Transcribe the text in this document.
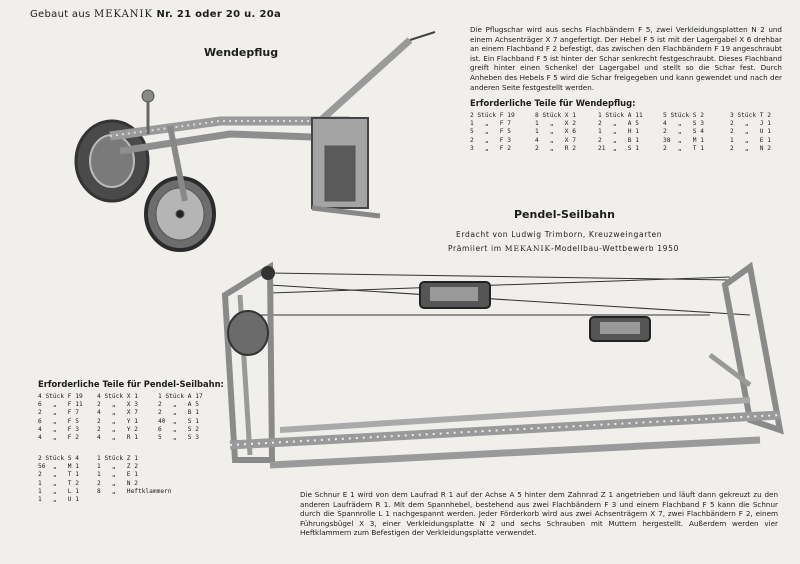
Gebaut aus MEKANIK Nr. 21 oder 20 u. 20a
Wendepflug
Die Pflugschar wird aus sechs Flachbändern F 5, zwei Verkleidungsplatten N 2 und einem Achsenträger X 7 angefertigt. Der Hebel F 5 ist mit der Lagergabel X 6 drehbar an einem Flachband F 2 befestigt, das zwischen den Flachbändern F 19 angeschraubt ist. Ein Flachband F 5 ist hinter der Schar senkrecht festgeschraubt. Dieses Flachband greift hinter einen Schenkel der Lagergabel und stellt so die Schar fest. Durch Anheben des Hebels F 5 wird die Schar freigegeben und kann gewendet und nach der anderen Seite festgestellt werden.
Erforderliche Teile für Wendepflug:
2 Stück F 19
1   „   F 7
5   „   F 5
2   „   F 3
3   „   F 2
8 Stück X 1
1   „   X 2
1   „   X 6
4   „   X 7
2   „   R 2
1 Stück A 11
2   „   A 5
1   „   H 1
2   „   B 1
21  „   S 1
5 Stück S 2
4   „   S 3
2   „   S 4
38  „   M 1
2   „   T 1
3 Stück T 2
2   „   J 1
2   „   U 1
1   „   E 1
2   „   N 2
Pendel-Seilbahn
Erdacht von Ludwig Trimborn, Kreuzweingarten
Prämiiert im MEKANIK-Modellbau-Wettbewerb 1950
Erforderliche Teile für Pendel-Seilbahn:
4 Stück F 19
6   „   F 11
2   „   F 7
6   „   F 5
4   „   F 3
4   „   F 2
4 Stück X 1
2   „   X 3
4   „   X 7
2   „   Y 1
2   „   Y 2
4   „   R 1
1 Stück A 17
2   „   A 5
2   „   B 1
40  „   S 1
6   „   S 2
5   „   S 3
2 Stück S 4
56  „   M 1
2   „   T 1
1   „   T 2
1   „   L 1
1   „   U 1
1 Stück Z 1
1   „   Z 2
1   „   E 1
2   „   N 2
8   „   Heftklammern	Die Schnur E 1 wird von dem Laufrad R 1 auf der Achse A 5 hinter dem Zahnrad Z 1 angetrieben und läuft dann gekreuzt zu den anderen Laufrädern R 1. Mit dem Spannhebel, bestehend aus zwei Flachbändern F 3 und einem Flachband F 5 kann die Schnur durch die Spannrolle L 1 nachgespannt werden. Jeder Förderkorb wird aus zwei Achsenträgern X 7, zwei Flachbändern F 2, einem Führungsbügel X 3, einer Verkleidungsplatte N 2 und sechs Schrauben mit Muttern hergestellt. Außerdem werden vier Heftklammern zum Befestigen der Verkleidungsplatte verwendet.
